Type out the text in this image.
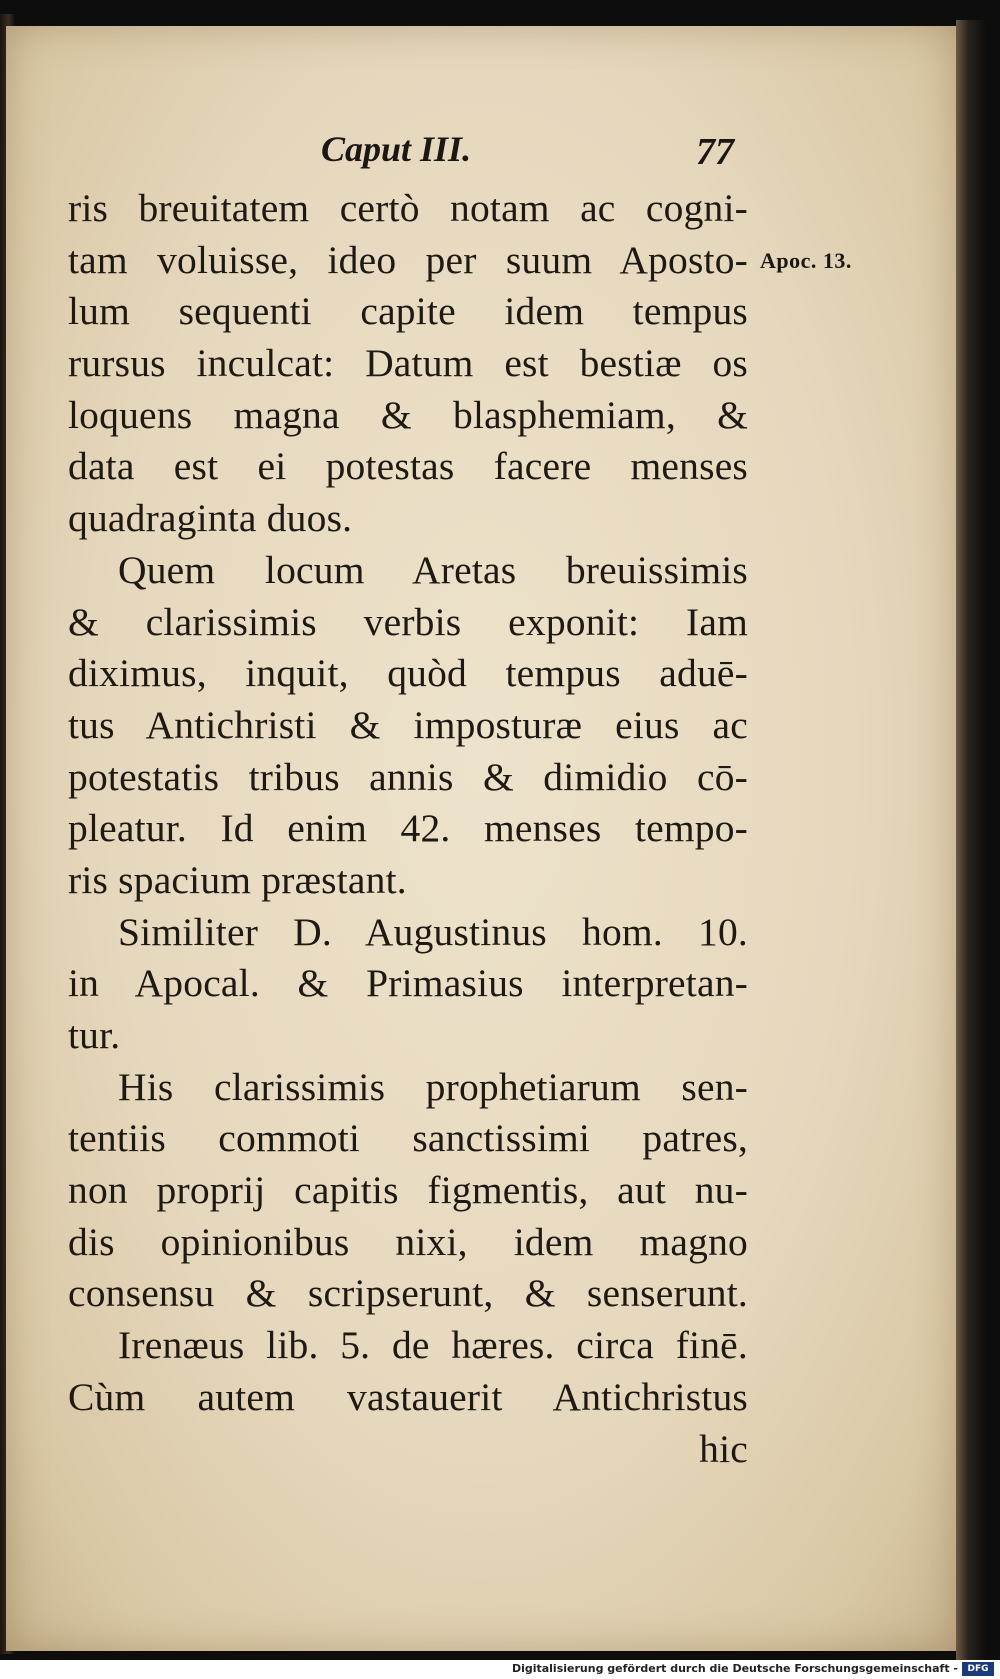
Caput III.	77
ris breuitatem certò notam ac cogni-
tam voluisse, ideo per suum Aposto-
lum sequenti capite idem tempus
rursus inculcat: Datum est bestiæ os
loquens magna & blasphemiam, &
data est ei potestas facere menses
quadraginta duos.
Quem locum Aretas breuissimis
& clarissimis verbis exponit: Iam
diximus, inquit, quòd tempus aduē-
tus Antichristi & imposturæ eius ac
potestatis tribus annis & dimidio cō-
pleatur. Id enim 42. menses tempo-
ris spacium præstant.
Similiter D. Augustinus hom. 10.
in Apocal. & Primasius interpretan-
tur.
His clarissimis prophetiarum sen-
tentiis commoti sanctissimi patres,
non proprij capitis figmentis, aut nu-
dis opinionibus nixi, idem magno
consensu & scripserunt, & senserunt.
Irenæus lib. 5. de hæres. circa finē.
Cùm autem vastauerit Antichristus
hic
Apoc. 13.
Digitalisierung gefördert durch die Deutsche Forschungsgemeinschaft -	DFG
